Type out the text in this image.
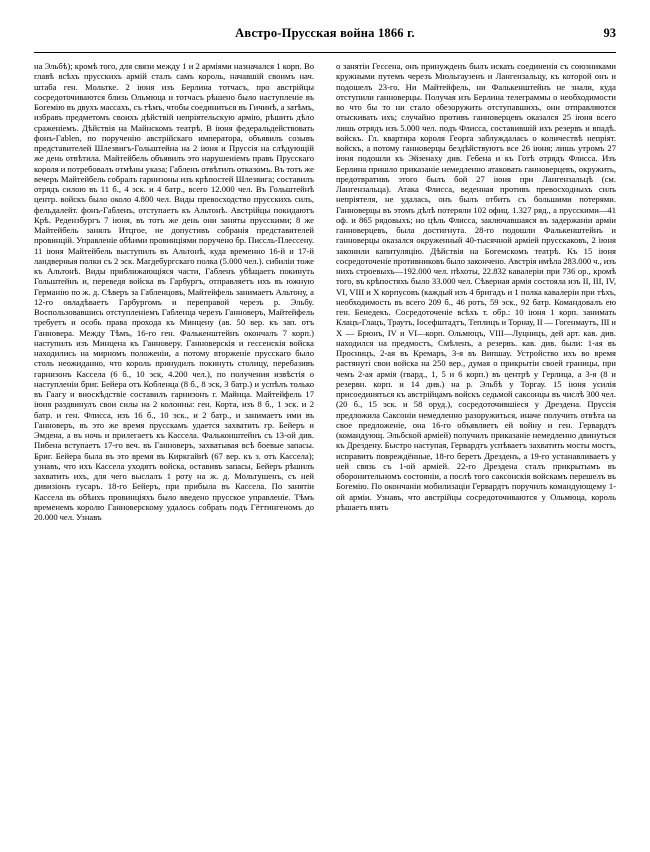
Австро-Прусская война 1866 г.	93

на Эльбѣ); кромѣ того, для связи между 1 и 2 арміями назначался 1 корп. Во главѣ всѣхъ прусскихъ армій сталъ самъ король, начавшій свонмъ нач. штаба ген. Мольтке. 2 іюня изъ Берлина тотчасъ, про австрійцы сосредоточиваются близь Ольмюца и тотчасъ рѣшено было наступленіе въ Богемію въ двухъ массахъ, съ тѣмъ, чтобы соединиться въ Гичинѣ, а затѣмъ, избравъ предметомъ своихъ дѣйствій непріятельскую армію, рѣшить дѣло сраженіемъ. Дѣйствія на Майнскомъ театрѣ. В іюня федеральдействовать фонъ-Гablen, по порученію австрійскаго императора, объявилъ созывъ представителей Шлезвигъ-Гольштейна на 2 іюня и Пруссія на слѣдующій же день отвѣтила. Майтейбель объявилъ это нарушеніемъ правъ Прусскаго короля и потребовалъ отмѣны указа; Габленъ отвѣтилъ отказомъ. Въ тотъ же вечеръ Майтейбель собралъ гарнизоны изъ крѣпостей Шлезвига; составилъ отрядъ силою въ 11 б., 4 эск. и 4 батр., всего 12.000 чел. Въ Гольштейнѣ центр. войскъ было около 4.800 чел. Виды превосходство прусскихъ силъ, фельдалейт. фонъ-Габленъ, отступаетъ къ Альтонѣ. Австрійцы покидаютъ Крѣ. Редензбургъ 7 іюня, въ тотъ же день они заняты прусскими; 8 же Майтейбель занялъ Итцгое, не допустивъ собранія представителей провинцій. Управленіе обѣими провинціями поручено бр. Писсль-Плессену. 11 іюня Майтейбель выступилъ въ Альтонѣ, куда временно 16-й и 17-й ландверныя полки съ 2 эск. Магдебургскаго полка (5.000 чел.). сибиліи тоже къ Альтонѣ. Виды приближающіяся части, Габленъ убѣщаетъ покинуть Гольштейнъ и, переведя войска въ Гарбургъ, отправляетъ ихъ въ южную Германію по ж. д. Сѣверъ за Габленцовъ, Майтейфель занимаетъ Альтону, а 12-го овладѣваетъ Гарбургомъ и переправой черезъ р. Эльбу. Воспользовавшись отступленіемъ Габленца черезъ Ганноверъ, Майтейфель требуетъ и особь права прохода къ Минцену (ав. 50 вер. къ зап. отъ Ганновера. Между Тѣмъ, 16-го ген. Фалькенштейнъ окончалъ 7 корп.) наступилъ изъ Минцена къ Ганноверу. Ганноверскія и гессенскія войска находились на мирномъ положеніи, а потому вторженіе прусскаго было столь неожиданно, что король принудилъ покинуть столицу, перебазивъ гарнизонъ Кассела (6 б., 10 эск, 4.200 чел.), по получения извѣстія о наступленіи бриг. Бейера отъ Кобленца (8 б., 8 эск, 3 батр.) и успѣлъ только въ Гаагу и вноскѣдствіе составилъ гарнизонъ г. Майнца. Майтейфель 17 іюня раздвинулъ свои силы на 2 колонны: ген. Корта, изъ 8 б., 1 эск. и 2 батр. и ген. Флисса, изъ 16 б., 10 эск., и 2 батр., и занимаетъ ими въ Ганноверъ, въ это же время прусскамъ удается захватить гр. Бейеръ и Эмдена, а въ ночь и прилегаетъ къ Кассела. Фальконштейнъ съ 13-ой див. Пибена вступаетъ 17-го веч. въ Ганноверъ, захватывая всѣ боевые запасы. Бриг. Бейера была въ это время въ Киркгайнѣ (67 вер. къ з. отъ Кассела); узнавъ, что ихъ Кассела уходятъ войска, оставивъ запасы, Бейеръ рѣшилъ захватить ихъ, для чего выслалъ 1 роту на ж. д. Мольтушенъ, съ ней дивизіонъ гусаръ. 18-го Бейеръ, при прибыла въ Кассела. По занятіи Кассела въ обѣихъ провинціяхъ было введено прусское управленіе. Тѣмъ временемъ королю Ганноверскому удалось собрать подъ Гёттингеномъ до 20.000 чел. Узнавъ

о занятіи Гессена, онъ принужденъ былъ искать соединенія съ союзниками кружными путемъ черезъ Мюльгаузенъ и Лангензальцу, къ которой онъ и подошелъ 23-го. Ни Майтейфель, ни Фалькенштейнъ не знали, куда отступили ганноверцы. Получая изъ Берлина телеграммы о необходимости во что бы то ни стало обезоружить отступавшихъ, они отправляются отыскивать ихъ; случайно противъ ганноверцевъ оказался 25 іюня всего лишь отрядъ изъ 5.000 чел. подъ Флисса, составившій ихъ резервъ и впадѣ. войскъ. Гл. квартира короля Георга заблуждалась о количествѣ непріят. войскъ, а потому ганноверцы бездѣйствуютъ все 26 іюня; лишь утромъ 27 іюня подошли къ Эйзенаху див. Гебена и къ Готѣ отрядъ Флисса. Изъ Берлина пришло приказаніе немедленно атаковать ганноверцевъ, окружить, предотвративъ этого былъ бой 27 іюня при Лангензальцѣ (см. Лангензальца). Атака Флисса, веденная противъ превосходныхъ силъ непріятеля, не удалась, онъ былъ отбитъ съ большими потерями. Ганноверцы въ этомъ дѣлѣ потеряли 102 офиц. 1.327 ряд., а прусскими—41 оф. и 865 рядовыхъ; но цѣль Флисса, заключавшаяся въ задержаніи арміи ганноверцевъ, была достигнута. 28-го подошли Фалькенштейнъ и ганноверцы оказался окруженный 40-тысячной арміей прусскаковъ, 2 іюня законили капитуляцію. Дѣйствія на Богемскомъ театрѣ. Къ 15 іюня сосредоточеніе противниковъ было закончено. Австрія имѣла 283.000 ч., изъ нихъ строевыхъ—192.000 чел. пѣхоты, 22.832 кавалеріи при 736 ор., кромѣ того, въ крѣпостяхъ было 33.000 чел. Сѣверная армія состояла изъ II, III, IV, VI, VIII и X корпусовъ (каждый изъ 4 бригадъ и 1 полка кавалеріи при тѣхъ, необходимость въ всего 209 б., 46 ротъ, 59 эск., 92 батр. Командовалъ ею ген. Бенедекъ. Сосредоточеніе всѣхъ т. обр.: 10 іюня 1 корп. занимать Клацъ-Глацъ, Траутъ, Іосефштадтъ, Теплицъ и Торнау, II — Гогенмаутъ, III и X — Брюнъ, IV и VI—корп. Ольмюцъ, VIII—Луцницъ, дей арт. кав. див. находился на предмостъ, Смѣленъ, а резервъ. кав. див. были: 1-ая въ Просницъ, 2-ая въ Кремаръ, 3-я въ Випшау. Устройство ихъ во время растянуті свои войска на 250 вер., думая о прикрытіи своей границы, при чемъ 2-ая армія (гвард., 1, 5 и 6 корп.) въ центрѣ у Герлица, а 3-я (8 и резервн. корп. и 14 див.) на р. Эльбѣ у Торгау. 15 іюня усилія присоединяться къ австрійцамъ войскъ седьмой саксонцы въ числѣ 300 чел. (20 б., 15 эск. и 58 оруд.), сосредоточившіеся у Дрездена. Пруссія предложила Саксоніи немедленно разоружиться, иначе получить отвѣта на свое предложеніе, она 16-го объявляетъ ей войну и ген. Гервардтъ (командующ. Эльбской арміей) получилъ приказаніе немедленно двинуться къ Дрездену. Быстро наступая, Гервардтъ успѣваетъ захватить мосты мостъ, исправить повреждённые, 18-го беретъ Дрезденъ, а 19-го устанавливаетъ у ней связь съ 1-ой арміей. 22-го Дрездена сталъ прикрытымъ въ оборонительномъ состояніи, а послѣ того саксонскія войскамъ перешелъ въ Богемію. По окончаніи мобилизаціи Гервардтъ поручилъ командующему 1-ой арміи. Узнавъ, что австрійцы сосредоточиваются у Ольмюца, король рѣшаетъ взять
